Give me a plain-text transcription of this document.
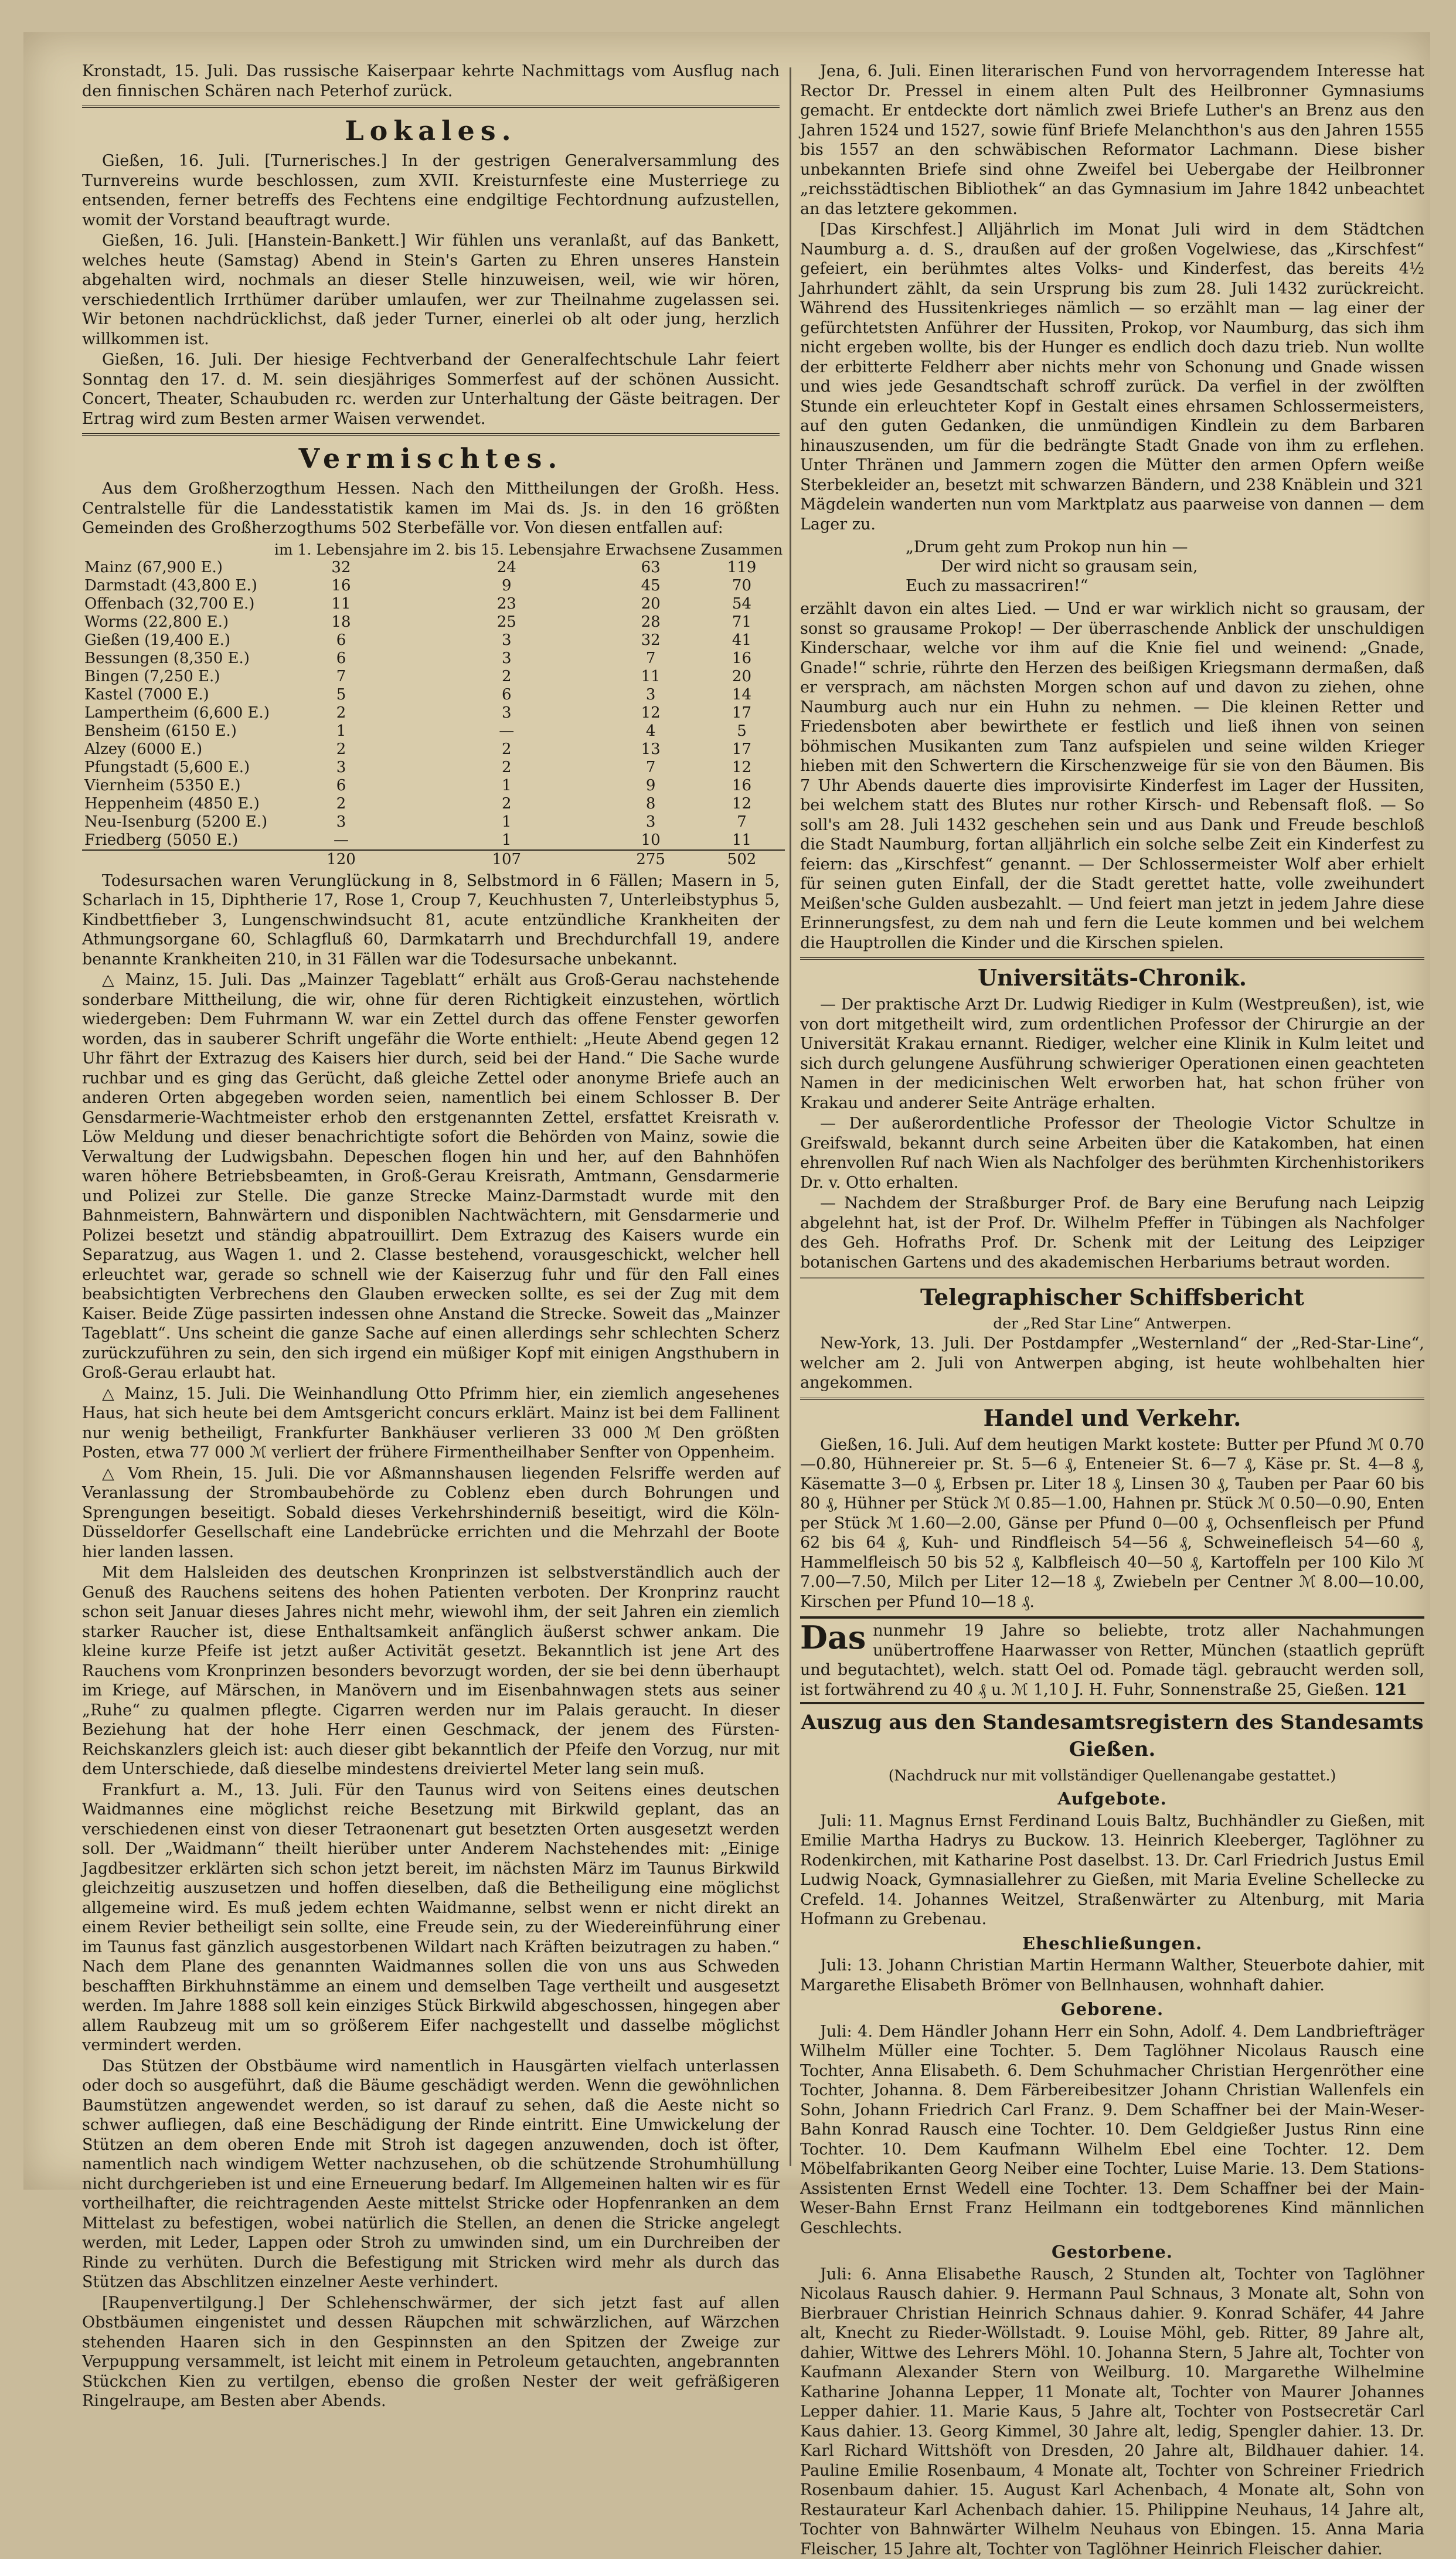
Kronstadt, 15. Juli. Das russische Kaiserpaar kehrte Nachmittags vom Ausflug nach den finnischen Schären nach Peterhof zurück.

Lokales.

Gießen, 16. Juli. [Turnerisches.] In der gestrigen Generalversammlung des Turnvereins wurde beschlossen, zum XVII. Kreisturnfeste eine Musterriege zu entsenden, ferner betreffs des Fechtens eine endgiltige Fechtordnung aufzustellen, womit der Vorstand beauftragt wurde.

Gießen, 16. Juli. [Hanstein-Bankett.] Wir fühlen uns veranlaßt, auf das Bankett, welches heute (Samstag) Abend in Stein's Garten zu Ehren unseres Hanstein abgehalten wird, nochmals an dieser Stelle hinzuweisen, weil, wie wir hören, verschiedentlich Irrthümer darüber umlaufen, wer zur Theilnahme zugelassen sei. Wir betonen nachdrücklichst, daß jeder Turner, einerlei ob alt oder jung, herzlich willkommen ist.

Gießen, 16. Juli. Der hiesige Fechtverband der Generalfechtschule Lahr feiert Sonntag den 17. d. M. sein diesjähriges Sommerfest auf der schönen Aussicht. Concert, Theater, Schaubuden rc. werden zur Unterhaltung der Gäste beitragen. Der Ertrag wird zum Besten armer Waisen verwendet.

Vermischtes.

Aus dem Großherzogthum Hessen. Nach den Mittheilungen der Großh. Hess. Centralstelle für die Landesstatistik kamen im Mai ds. Js. in den 16 größten Gemeinden des Großherzogthums 502 Sterbefälle vor. Von diesen entfallen auf:

	im 1. Lebensjahre	im 2. bis 15. Lebensjahre	Erwachsene	Zusammen
Mainz (67,900 E.)	32	24	63	119
Darmstadt (43,800 E.)	16	9	45	70
Offenbach (32,700 E.)	11	23	20	54
Worms (22,800 E.)	18	25	28	71
Gießen (19,400 E.)	6	3	32	41
Bessungen (8,350 E.)	6	3	7	16
Bingen (7,250 E.)	7	2	11	20
Kastel (7000 E.)	5	6	3	14
Lampertheim (6,600 E.)	2	3	12	17
Bensheim (6150 E.)	1	—	4	5
Alzey (6000 E.)	2	2	13	17
Pfungstadt (5,600 E.)	3	2	7	12
Viernheim (5350 E.)	6	1	9	16
Heppenheim (4850 E.)	2	2	8	12
Neu-Isenburg (5200 E.)	3	1	3	7
Friedberg (5050 E.)	—	1	10	11
	120	107	275	502

Todesursachen waren Verunglückung in 8, Selbstmord in 6 Fällen; Masern in 5, Scharlach in 15, Diphtherie 17, Rose 1, Croup 7, Keuchhusten 7, Unterleibstyphus 5, Kindbettfieber 3, Lungenschwindsucht 81, acute entzündliche Krankheiten der Athmungsorgane 60, Schlagfluß 60, Darmkatarrh und Brechdurchfall 19, andere benannte Krankheiten 210, in 31 Fällen war die Todesursache unbekannt.

△ Mainz, 15. Juli. Das „Mainzer Tageblatt“ erhält aus Groß-Gerau nachstehende sonderbare Mittheilung, die wir, ohne für deren Richtigkeit einzustehen, wörtlich wiedergeben: Dem Fuhrmann W. war ein Zettel durch das offene Fenster geworfen worden, das in sauberer Schrift ungefähr die Worte enthielt: „Heute Abend gegen 12 Uhr fährt der Extrazug des Kaisers hier durch, seid bei der Hand.“ Die Sache wurde ruchbar und es ging das Gerücht, daß gleiche Zettel oder anonyme Briefe auch an anderen Orten abgegeben worden seien, namentlich bei einem Schlosser B. Der Gensdarmerie-Wachtmeister erhob den erstgenannten Zettel, ersfattet Kreisrath v. Löw Meldung und dieser benachrichtigte sofort die Behörden von Mainz, sowie die Verwaltung der Ludwigsbahn. Depeschen flogen hin und her, auf den Bahnhöfen waren höhere Betriebsbeamten, in Groß-Gerau Kreisrath, Amtmann, Gensdarmerie und Polizei zur Stelle. Die ganze Strecke Mainz-Darmstadt wurde mit den Bahnmeistern, Bahnwärtern und disponiblen Nachtwächtern, mit Gensdarmerie und Polizei besetzt und ständig abpatrouillirt. Dem Extrazug des Kaisers wurde ein Separatzug, aus Wagen 1. und 2. Classe bestehend, vorausgeschickt, welcher hell erleuchtet war, gerade so schnell wie der Kaiserzug fuhr und für den Fall eines beabsichtigten Verbrechens den Glauben erwecken sollte, es sei der Zug mit dem Kaiser. Beide Züge passirten indessen ohne Anstand die Strecke. Soweit das „Mainzer Tageblatt“. Uns scheint die ganze Sache auf einen allerdings sehr schlechten Scherz zurückzuführen zu sein, den sich irgend ein müßiger Kopf mit einigen Angsthubern in Groß-Gerau erlaubt hat.

△ Mainz, 15. Juli. Die Weinhandlung Otto Pfrimm hier, ein ziemlich angesehenes Haus, hat sich heute bei dem Amtsgericht concurs erklärt. Mainz ist bei dem Fallinent nur wenig betheiligt, Frankfurter Bankhäuser verlieren 33 000 ℳ Den größten Posten, etwa 77 000 ℳ verliert der frühere Firmentheilhaber Senfter von Oppenheim.

△ Vom Rhein, 15. Juli. Die vor Aßmannshausen liegenden Felsriffe werden auf Veranlassung der Strombaubehörde zu Coblenz eben durch Bohrungen und Sprengungen beseitigt. Sobald dieses Verkehrshinderniß beseitigt, wird die Köln-Düsseldorfer Gesellschaft eine Landebrücke errichten und die Mehrzahl der Boote hier landen lassen.

Mit dem Halsleiden des deutschen Kronprinzen ist selbstverständlich auch der Genuß des Rauchens seitens des hohen Patienten verboten. Der Kronprinz raucht schon seit Januar dieses Jahres nicht mehr, wiewohl ihm, der seit Jahren ein ziemlich starker Raucher ist, diese Enthaltsamkeit anfänglich äußerst schwer ankam. Die kleine kurze Pfeife ist jetzt außer Activität gesetzt. Bekanntlich ist jene Art des Rauchens vom Kronprinzen besonders bevorzugt worden, der sie bei denn überhaupt im Kriege, auf Märschen, in Manövern und im Eisenbahnwagen stets aus seiner „Ruhe“ zu qualmen pflegte. Cigarren werden nur im Palais geraucht. In dieser Beziehung hat der hohe Herr einen Geschmack, der jenem des Fürsten-Reichskanzlers gleich ist: auch dieser gibt bekanntlich der Pfeife den Vorzug, nur mit dem Unterschiede, daß dieselbe mindestens dreiviertel Meter lang sein muß.

Frankfurt a. M., 13. Juli. Für den Taunus wird von Seitens eines deutschen Waidmannes eine möglichst reiche Besetzung mit Birkwild geplant, das an verschiedenen einst von dieser Tetraonenart gut besetzten Orten ausgesetzt werden soll. Der „Waidmann“ theilt hierüber unter Anderem Nachstehendes mit: „Einige Jagdbesitzer erklärten sich schon jetzt bereit, im nächsten März im Taunus Birkwild gleichzeitig auszusetzen und hoffen dieselben, daß die Betheiligung eine möglichst allgemeine wird. Es muß jedem echten Waidmanne, selbst wenn er nicht direkt an einem Revier betheiligt sein sollte, eine Freude sein, zu der Wiedereinführung einer im Taunus fast gänzlich ausgestorbenen Wildart nach Kräften beizutragen zu haben.“ Nach dem Plane des genannten Waidmannes sollen die von uns aus Schweden beschafften Birkhuhnstämme an einem und demselben Tage vertheilt und ausgesetzt werden. Im Jahre 1888 soll kein einziges Stück Birkwild abgeschossen, hingegen aber allem Raubzeug mit um so größerem Eifer nachgestellt und dasselbe möglichst vermindert werden.

Das Stützen der Obstbäume wird namentlich in Hausgärten vielfach unterlassen oder doch so ausgeführt, daß die Bäume geschädigt werden. Wenn die gewöhnlichen Baumstützen angewendet werden, so ist darauf zu sehen, daß die Aeste nicht so schwer aufliegen, daß eine Beschädigung der Rinde eintritt. Eine Umwickelung der Stützen an dem oberen Ende mit Stroh ist dagegen anzuwenden, doch ist öfter, namentlich nach windigem Wetter nachzusehen, ob die schützende Strohumhüllung nicht durchgerieben ist und eine Erneuerung bedarf. Im Allgemeinen halten wir es für vortheilhafter, die reichtragenden Aeste mittelst Stricke oder Hopfenranken an dem Mittelast zu befestigen, wobei natürlich die Stellen, an denen die Stricke angelegt werden, mit Leder, Lappen oder Stroh zu umwinden sind, um ein Durchreiben der Rinde zu verhüten. Durch die Befestigung mit Stricken wird mehr als durch das Stützen das Abschlitzen einzelner Aeste verhindert.

[Raupenvertilgung.] Der Schlehenschwärmer, der sich jetzt fast auf allen Obstbäumen eingenistet und dessen Räupchen mit schwärzlichen, auf Wärzchen stehenden Haaren sich in den Gespinnsten an den Spitzen der Zweige zur Verpuppung versammelt, ist leicht mit einem in Petroleum getauchten, angebrannten Stückchen Kien zu vertilgen, ebenso die großen Nester der weit gefräßigeren Ringelraupe, am Besten aber Abends.

Jena, 6. Juli. Einen literarischen Fund von hervorragendem Interesse hat Rector Dr. Pressel in einem alten Pult des Heilbronner Gymnasiums gemacht. Er entdeckte dort nämlich zwei Briefe Luther's an Brenz aus den Jahren 1524 und 1527, sowie fünf Briefe Melanchthon's aus den Jahren 1555 bis 1557 an den schwäbischen Reformator Lachmann. Diese bisher unbekannten Briefe sind ohne Zweifel bei Uebergabe der Heilbronner „reichsstädtischen Bibliothek“ an das Gymnasium im Jahre 1842 unbeachtet an das letztere gekommen.

[Das Kirschfest.] Alljährlich im Monat Juli wird in dem Städtchen Naumburg a. d. S., draußen auf der großen Vogelwiese, das „Kirschfest“ gefeiert, ein berühmtes altes Volks- und Kinderfest, das bereits 4½ Jahrhundert zählt, da sein Ursprung bis zum 28. Juli 1432 zurückreicht. Während des Hussitenkrieges nämlich — so erzählt man — lag einer der gefürchtetsten Anführer der Hussiten, Prokop, vor Naumburg, das sich ihm nicht ergeben wollte, bis der Hunger es endlich doch dazu trieb. Nun wollte der erbitterte Feldherr aber nichts mehr von Schonung und Gnade wissen und wies jede Gesandtschaft schroff zurück. Da verfiel in der zwölften Stunde ein erleuchteter Kopf in Gestalt eines ehrsamen Schlossermeisters, auf den guten Gedanken, die unmündigen Kindlein zu dem Barbaren hinauszusenden, um für die bedrängte Stadt Gnade von ihm zu erflehen. Unter Thränen und Jammern zogen die Mütter den armen Opfern weiße Sterbekleider an, besetzt mit schwarzen Bändern, und 238 Knäblein und 321 Mägdelein wanderten nun vom Marktplatz aus paarweise von dannen — dem Lager zu.

„Drum geht zum Prokop nun hin —
Der wird nicht so grausam sein,
Euch zu massacriren!“

erzählt davon ein altes Lied. — Und er war wirklich nicht so grausam, der sonst so grausame Prokop! — Der überraschende Anblick der unschuldigen Kinderschaar, welche vor ihm auf die Knie fiel und weinend: „Gnade, Gnade!“ schrie, rührte den Herzen des beißigen Kriegsmann dermaßen, daß er versprach, am nächsten Morgen schon auf und davon zu ziehen, ohne Naumburg auch nur ein Huhn zu nehmen. — Die kleinen Retter und Friedensboten aber bewirthete er festlich und ließ ihnen von seinen böhmischen Musikanten zum Tanz aufspielen und seine wilden Krieger hieben mit den Schwertern die Kirschenzweige für sie von den Bäumen. Bis 7 Uhr Abends dauerte dies improvisirte Kinderfest im Lager der Hussiten, bei welchem statt des Blutes nur rother Kirsch- und Rebensaft floß. — So soll's am 28. Juli 1432 geschehen sein und aus Dank und Freude beschloß die Stadt Naumburg, fortan alljährlich ein solche selbe Zeit ein Kinderfest zu feiern: das „Kirschfest“ genannt. — Der Schlossermeister Wolf aber erhielt für seinen guten Einfall, der die Stadt gerettet hatte, volle zweihundert Meißen'sche Gulden ausbezahlt. — Und feiert man jetzt in jedem Jahre diese Erinnerungsfest, zu dem nah und fern die Leute kommen und bei welchem die Hauptrollen die Kinder und die Kirschen spielen.

Universitäts-Chronik.

— Der praktische Arzt Dr. Ludwig Riediger in Kulm (Westpreußen), ist, wie von dort mitgetheilt wird, zum ordentlichen Professor der Chirurgie an der Universität Krakau ernannt. Riediger, welcher eine Klinik in Kulm leitet und sich durch gelungene Ausführung schwieriger Operationen einen geachteten Namen in der medicinischen Welt erworben hat, hat schon früher von Krakau und anderer Seite Anträge erhalten.

— Der außerordentliche Professor der Theologie Victor Schultze in Greifswald, bekannt durch seine Arbeiten über die Katakomben, hat einen ehrenvollen Ruf nach Wien als Nachfolger des berühmten Kirchenhistorikers Dr. v. Otto erhalten.

— Nachdem der Straßburger Prof. de Bary eine Berufung nach Leipzig abgelehnt hat, ist der Prof. Dr. Wilhelm Pfeffer in Tübingen als Nachfolger des Geh. Hofraths Prof. Dr. Schenk mit der Leitung des Leipziger botanischen Gartens und des akademischen Herbariums betraut worden.

Telegraphischer Schiffsbericht

der „Red Star Line“ Antwerpen.

New-York, 13. Juli. Der Postdampfer „Westernland“ der „Red-Star-Line“, welcher am 2. Juli von Antwerpen abging, ist heute wohlbehalten hier angekommen.

Handel und Verkehr.

Gießen, 16. Juli. Auf dem heutigen Markt kostete: Butter per Pfund ℳ 0.70—0.80, Hühnereier pr. St. 5—6 ₰, Enteneier St. 6—7 ₰, Käse pr. St. 4—8 ₰, Käsematte 3—0 ₰, Erbsen pr. Liter 18 ₰, Linsen 30 ₰, Tauben per Paar 60 bis 80 ₰, Hühner per Stück ℳ 0.85—1.00, Hahnen pr. Stück ℳ 0.50—0.90, Enten per Stück ℳ 1.60—2.00, Gänse per Pfund 0—00 ₰, Ochsenfleisch per Pfund 62 bis 64 ₰, Kuh- und Rindfleisch 54—56 ₰, Schweinefleisch 54—60 ₰, Hammelfleisch 50 bis 52 ₰, Kalbfleisch 40—50 ₰, Kartoffeln per 100 Kilo ℳ 7.00—7.50, Milch per Liter 12—18 ₰, Zwiebeln per Centner ℳ 8.00—10.00, Kirschen per Pfund 10—18 ₰.

Das nunmehr 19 Jahre so beliebte, trotz aller Nachahmungen unübertroffene Haarwasser von Retter, München (staatlich geprüft und begutachtet), welch. statt Oel od. Pomade tägl. gebraucht werden soll, ist fortwährend zu 40 ₰ u. ℳ 1,10 J. H. Fuhr, Sonnenstraße 25, Gießen. 121
Auszug aus den Standesamtsregistern des Standesamts Gießen.

(Nachdruck nur mit vollständiger Quellenangabe gestattet.)

Aufgebote.

Juli: 11. Magnus Ernst Ferdinand Louis Baltz, Buchhändler zu Gießen, mit Emilie Martha Hadrys zu Buckow. 13. Heinrich Kleeberger, Taglöhner zu Rodenkirchen, mit Katharine Post daselbst. 13. Dr. Carl Friedrich Justus Emil Ludwig Noack, Gymnasiallehrer zu Gießen, mit Maria Eveline Schellecke zu Crefeld. 14. Johannes Weitzel, Straßenwärter zu Altenburg, mit Maria Hofmann zu Grebenau.

Eheschließungen.

Juli: 13. Johann Christian Martin Hermann Walther, Steuerbote dahier, mit Margarethe Elisabeth Brömer von Bellnhausen, wohnhaft dahier.

Geborene.

Juli: 4. Dem Händler Johann Herr ein Sohn, Adolf. 4. Dem Landbriefträger Wilhelm Müller eine Tochter. 5. Dem Taglöhner Nicolaus Rausch eine Tochter, Anna Elisabeth. 6. Dem Schuhmacher Christian Hergenröther eine Tochter, Johanna. 8. Dem Färbereibesitzer Johann Christian Wallenfels ein Sohn, Johann Friedrich Carl Franz. 9. Dem Schaffner bei der Main-Weser-Bahn Konrad Rausch eine Tochter. 10. Dem Geldgießer Justus Rinn eine Tochter. 10. Dem Kaufmann Wilhelm Ebel eine Tochter. 12. Dem Möbelfabrikanten Georg Neiber eine Tochter, Luise Marie. 13. Dem Stations-Assistenten Ernst Wedell eine Tochter. 13. Dem Schaffner bei der Main-Weser-Bahn Ernst Franz Heilmann ein todtgeborenes Kind männlichen Geschlechts.

Gestorbene.

Juli: 6. Anna Elisabethe Rausch, 2 Stunden alt, Tochter von Taglöhner Nicolaus Rausch dahier. 9. Hermann Paul Schnaus, 3 Monate alt, Sohn von Bierbrauer Christian Heinrich Schnaus dahier. 9. Konrad Schäfer, 44 Jahre alt, Knecht zu Rieder-Wöllstadt. 9. Louise Möhl, geb. Ritter, 89 Jahre alt, dahier, Wittwe des Lehrers Möhl. 10. Johanna Stern, 5 Jahre alt, Tochter von Kaufmann Alexander Stern von Weilburg. 10. Margarethe Wilhelmine Katharine Johanna Lepper, 11 Monate alt, Tochter von Maurer Johannes Lepper dahier. 11. Marie Kaus, 5 Jahre alt, Tochter von Postsecretär Carl Kaus dahier. 13. Georg Kimmel, 30 Jahre alt, ledig, Spengler dahier. 13. Dr. Karl Richard Wittshöft von Dresden, 20 Jahre alt, Bildhauer dahier. 14. Pauline Emilie Rosenbaum, 4 Monate alt, Tochter von Schreiner Friedrich Rosenbaum dahier. 15. August Karl Achenbach, 4 Monate alt, Sohn von Restaurateur Karl Achenbach dahier. 15. Philippine Neuhaus, 14 Jahre alt, Tochter von Bahnwärter Wilhelm Neuhaus von Ebingen. 15. Anna Maria Fleischer, 15 Jahre alt, Tochter von Taglöhner Heinrich Fleischer dahier.
